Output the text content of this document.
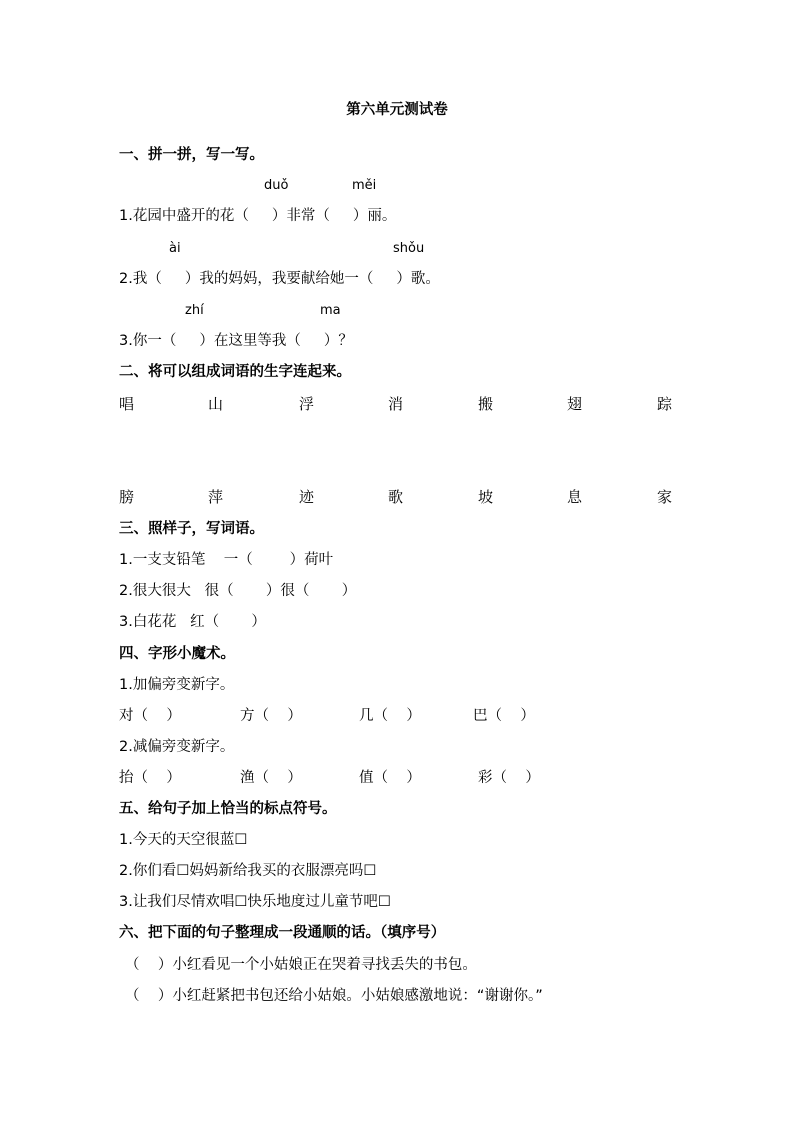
第六单元测试卷
一、拼一拼，写一写。
duǒ	měi
1.花园中盛开的花（     ）非常（     ）丽。
ài	shǒu
2.我（     ）我的妈妈，我要献给她一（     ）歌。
zhí	ma
3.你一（     ）在这里等我（     ）？
二、将可以组成词语的生字连起来。
唱	山	浮	消	搬	翅	踪
膀	萍	迹	歌	坡	息	家
三、照样子，写词语。
1.一支支铅笔    一（        ）荷叶
2.很大很大   很（       ）很（       ）
3.白花花   红（       ）
四、字形小魔术。
1.加偏旁变新字。
对（    ）	方（    ）	几（    ）	巴（    ）
2.减偏旁变新字。
抬（    ）	渔（    ）	值（    ）	彩（    ）
五、给句子加上恰当的标点符号。
1.今天的天空很蓝☐
2.你们看☐妈妈新给我买的衣服漂亮吗☐
3.让我们尽情欢唱☐快乐地度过儿童节吧☐
六、把下面的句子整理成一段通顺的话。（填序号）
（    ）小红看见一个小姑娘正在哭着寻找丢失的书包。
（    ）小红赶紧把书包还给小姑娘。小姑娘感激地说：“谢谢你。”
